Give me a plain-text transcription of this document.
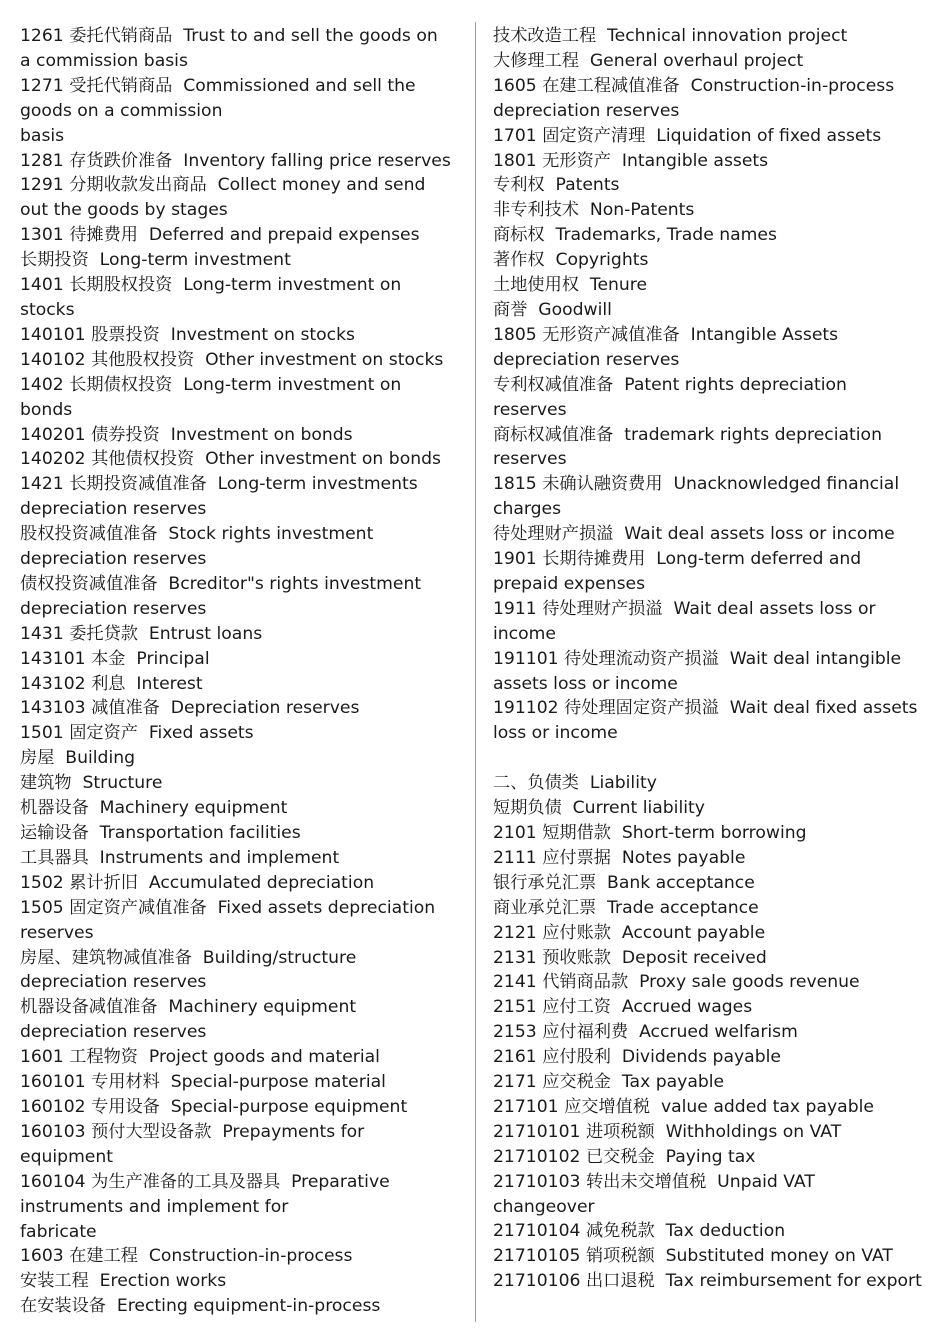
1261 委托代销商品  Trust to and sell the goods on
a commission basis
1271 受托代销商品  Commissioned and sell the
goods on a commission
basis
1281 存货跌价准备  Inventory falling price reserves
1291 分期收款发出商品  Collect money and send
out the goods by stages
1301 待摊费用  Deferred and prepaid expenses
长期投资  Long-term investment
1401 长期股权投资  Long-term investment on
stocks
140101 股票投资  Investment on stocks
140102 其他股权投资  Other investment on stocks
1402 长期债权投资  Long-term investment on
bonds
140201 债券投资  Investment on bonds
140202 其他债权投资  Other investment on bonds
1421 长期投资减值准备  Long-term investments
depreciation reserves
股权投资减值准备  Stock rights investment
depreciation reserves
债权投资减值准备  Bcreditor"s rights investment
depreciation reserves
1431 委托贷款  Entrust loans
143101 本金  Principal
143102 利息  Interest
143103 减值准备  Depreciation reserves
1501 固定资产  Fixed assets
房屋  Building
建筑物  Structure
机器设备  Machinery equipment
运输设备  Transportation facilities
工具器具  Instruments and implement
1502 累计折旧  Accumulated depreciation
1505 固定资产减值准备  Fixed assets depreciation
reserves
房屋、建筑物减值准备  Building/structure
depreciation reserves
机器设备减值准备  Machinery equipment
depreciation reserves
1601 工程物资  Project goods and material
160101 专用材料  Special-purpose material
160102 专用设备  Special-purpose equipment
160103 预付大型设备款  Prepayments for
equipment
160104 为生产准备的工具及器具  Preparative
instruments and implement for
fabricate
1603 在建工程  Construction-in-process
安装工程  Erection works
在安装设备  Erecting equipment-in-process
技术改造工程  Technical innovation project
大修理工程  General overhaul project
1605 在建工程减值准备  Construction-in-process
depreciation reserves
1701 固定资产清理  Liquidation of fixed assets
1801 无形资产  Intangible assets
专利权  Patents
非专利技术  Non-Patents
商标权  Trademarks, Trade names
著作权  Copyrights
土地使用权  Tenure
商誉  Goodwill
1805 无形资产减值准备  Intangible Assets
depreciation reserves
专利权减值准备  Patent rights depreciation
reserves
商标权减值准备  trademark rights depreciation
reserves
1815 未确认融资费用  Unacknowledged financial
charges
待处理财产损溢  Wait deal assets loss or income
1901 长期待摊费用  Long-term deferred and
prepaid expenses
1911 待处理财产损溢  Wait deal assets loss or
income
191101 待处理流动资产损溢  Wait deal intangible
assets loss or income
191102 待处理固定资产损溢  Wait deal fixed assets
loss or income
二、负债类  Liability
短期负债  Current liability
2101 短期借款  Short-term borrowing
2111 应付票据  Notes payable
银行承兑汇票  Bank acceptance
商业承兑汇票  Trade acceptance
2121 应付账款  Account payable
2131 预收账款  Deposit received
2141 代销商品款  Proxy sale goods revenue
2151 应付工资  Accrued wages
2153 应付福利费  Accrued welfarism
2161 应付股利  Dividends payable
2171 应交税金  Tax payable
217101 应交增值税  value added tax payable
21710101 进项税额  Withholdings on VAT
21710102 已交税金  Paying tax
21710103 转出未交增值税  Unpaid VAT
changeover
21710104 减免税款  Tax deduction
21710105 销项税额  Substituted money on VAT
21710106 出口退税  Tax reimbursement for export
